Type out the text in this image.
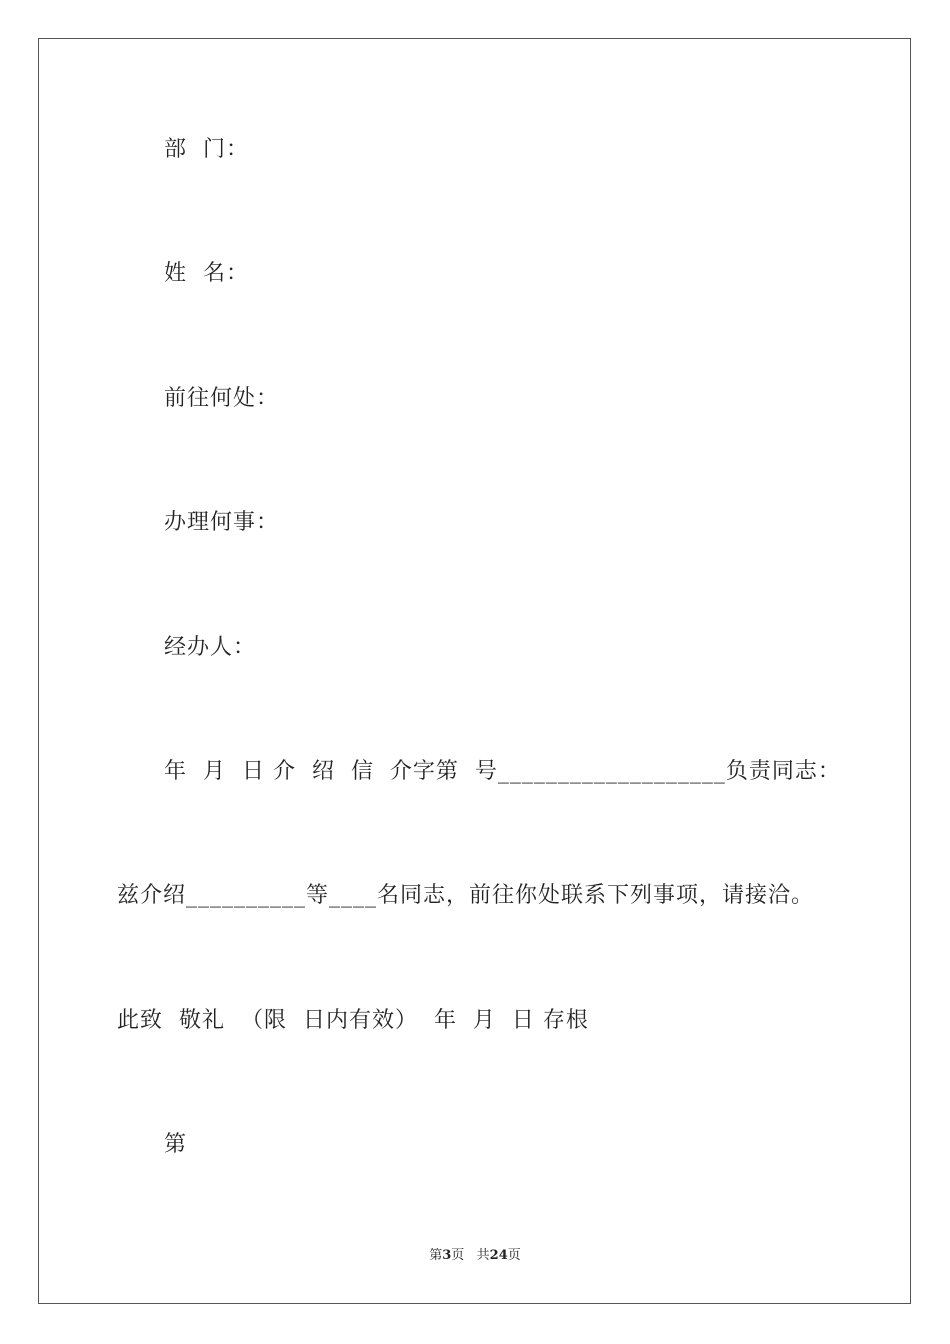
部  门：
姓  名：
前往何处：
办理何事：
经办人：
年  月  日 介  绍  信  介字第  号___________________负责同志：
兹介绍__________等____名同志，前往你处联系下列事项，请接洽。
此致  敬礼  （限  日内有效）  年  月  日 存根
第
第3页   共24页
